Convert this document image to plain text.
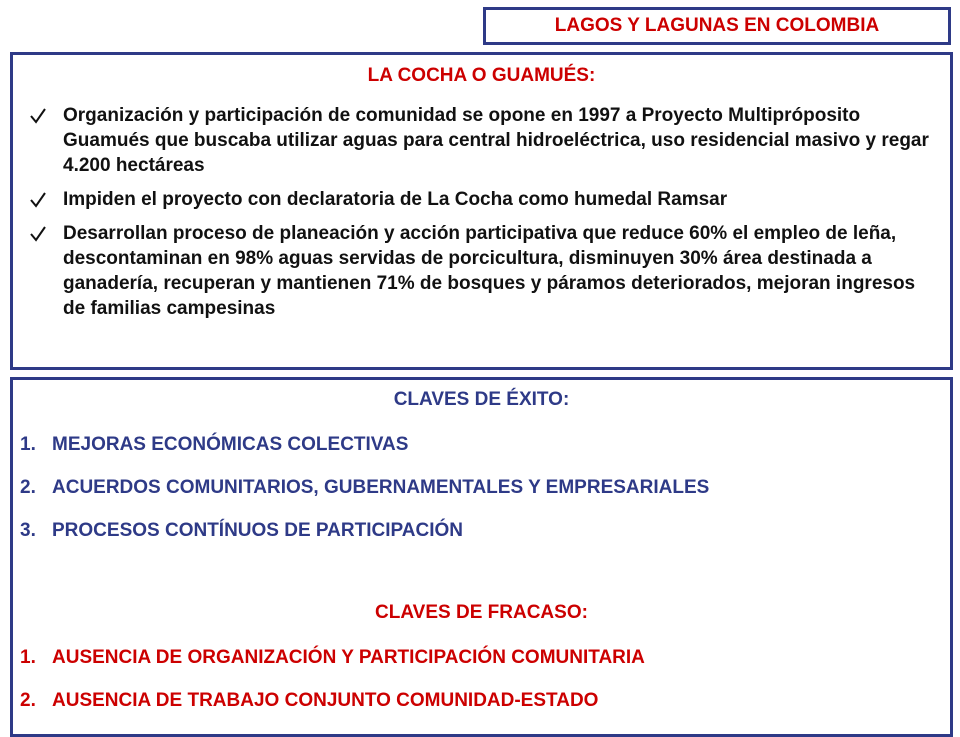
LAGOS Y LAGUNAS EN COLOMBIA
LA COCHA O GUAMUÉS:
Organización y participación de comunidad se opone en 1997 a Proyecto Multipróposito Guamués que buscaba utilizar aguas para central hidroeléctrica, uso residencial masivo y regar 4.200 hectáreas
Impiden el proyecto con declaratoria de La Cocha como humedal Ramsar
Desarrollan proceso de planeación y acción participativa que reduce 60% el empleo de leña, descontaminan en 98% aguas servidas de porcicultura, disminuyen 30% área destinada a ganadería, recuperan y mantienen 71% de bosques y páramos deteriorados, mejoran ingresos de familias campesinas
CLAVES DE ÉXITO:
1. MEJORAS ECONÓMICAS COLECTIVAS
2. ACUERDOS COMUNITARIOS, GUBERNAMENTALES Y EMPRESARIALES
3. PROCESOS CONTÍNUOS DE PARTICIPACIÓN
CLAVES DE FRACASO:
1. AUSENCIA DE ORGANIZACIÓN Y PARTICIPACIÓN COMUNITARIA
2. AUSENCIA DE TRABAJO CONJUNTO COMUNIDAD-ESTADO
